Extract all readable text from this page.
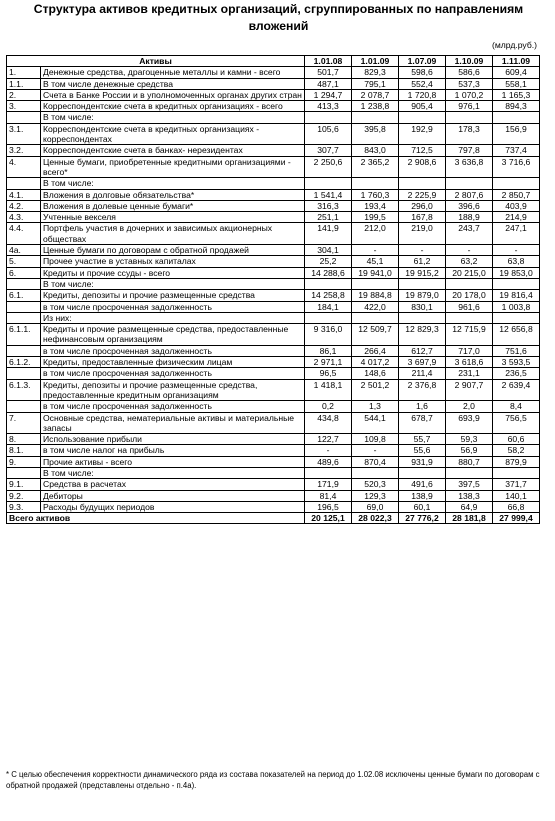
Структура активов кредитных организаций, сгруппированных по направлениям вложений
(млрд.руб.)
Активы		1.01.08	1.01.09	1.07.09	1.10.09	1.11.09
1.	Денежные средства, драгоценные металлы и камни - всего	501,7	829,3	598,6	586,6	609,4
1.1.	В том числе денежные средства	487,1	795,1	552,4	537,3	558,1
2.	Счета в Банке России и в уполномоченных органах других стран	1 294,7	2 078,7	1 720,8	1 070,2	1 165,3
3.	Корреспондентские счета в кредитных организациях - всего	413,3	1 238,8	905,4	976,1	894,3
	В том числе:					
3.1.	Корреспондентские счета в кредитных организациях - корреспондентах	105,6	395,8	192,9	178,3	156,9
3.2.	Корреспондентские счета в банках- нерезидентах	307,7	843,0	712,5	797,8	737,4
4.	Ценные бумаги, приобретенные кредитными организациями - всего*	2 250,6	2 365,2	2 908,6	3 636,8	3 716,6
	В том числе:					
4.1.	Вложения в долговые обязательства*	1 541,4	1 760,3	2 225,9	2 807,6	2 850,7
4.2.	Вложения в долевые ценные бумаги*	316,3	193,4	296,0	396,6	403,9
4.3.	Учтенные векселя	251,1	199,5	167,8	188,9	214,9
4.4.	Портфель участия в дочерних и зависимых акционерных обществах	141,9	212,0	219,0	243,7	247,1
4а.	Ценные бумаги по договорам с обратной продажей	304,1	-	-	-	-
5.	Прочее участие в уставных капиталах	25,2	45,1	61,2	63,2	63,8
6.	Кредиты и прочие ссуды - всего	14 288,6	19 941,0	19 915,2	20 215,0	19 853,0
	В том числе:					
6.1.	Кредиты, депозиты и прочие размещенные средства	14 258,8	19 884,8	19 879,0	20 178,0	19 816,4
	в том числе просроченная задолженность	184,1	422,0	830,1	961,6	1 003,8
	Из них:					
6.1.1.	Кредиты и прочие размещенные средства, предоставленные нефинансовым организациям	9 316,0	12 509,7	12 829,3	12 715,9	12 656,8
	в том числе просроченная задолженность	86,1	266,4	612,7	717,0	751,6
6.1.2.	Кредиты, предоставленные физическим лицам	2 971,1	4 017,2	3 697,9	3 618,6	3 593,5
	в том числе просроченная задолженность	96,5	148,6	211,4	231,1	236,5
6.1.3.	Кредиты, депозиты и прочие размещенные средства, предоставленные кредитным организациям	1 418,1	2 501,2	2 376,8	2 907,7	2 639,4
	в том числе просроченная задолженность	0,2	1,3	1,6	2,0	8,4
7.	Основные средства, нематериальные активы и материальные запасы	434,8	544,1	678,7	693,9	756,5
8.	Использование прибыли	122,7	109,8	55,7	59,3	60,6
8.1.	в том числе налог на прибыль	-	-	55,6	56,9	58,2
9.	Прочие активы - всего	489,6	870,4	931,9	880,7	879,9
	В том числе:					
9.1.	Средства в расчетах	171,9	520,3	491,6	397,5	371,7
9.2.	Дебиторы	81,4	129,3	138,9	138,3	140,1
9.3.	Расходы будущих периодов	196,5	69,0	60,1	64,9	66,8
Всего активов		20 125,1	28 022,3	27 776,2	28 181,8	27 999,4
* С целью обеспечения корректности динамического ряда из состава показателей на период до 1.02.08 исключены ценные бумаги по договорам с обратной продажей (представлены отдельно - п.4а).
